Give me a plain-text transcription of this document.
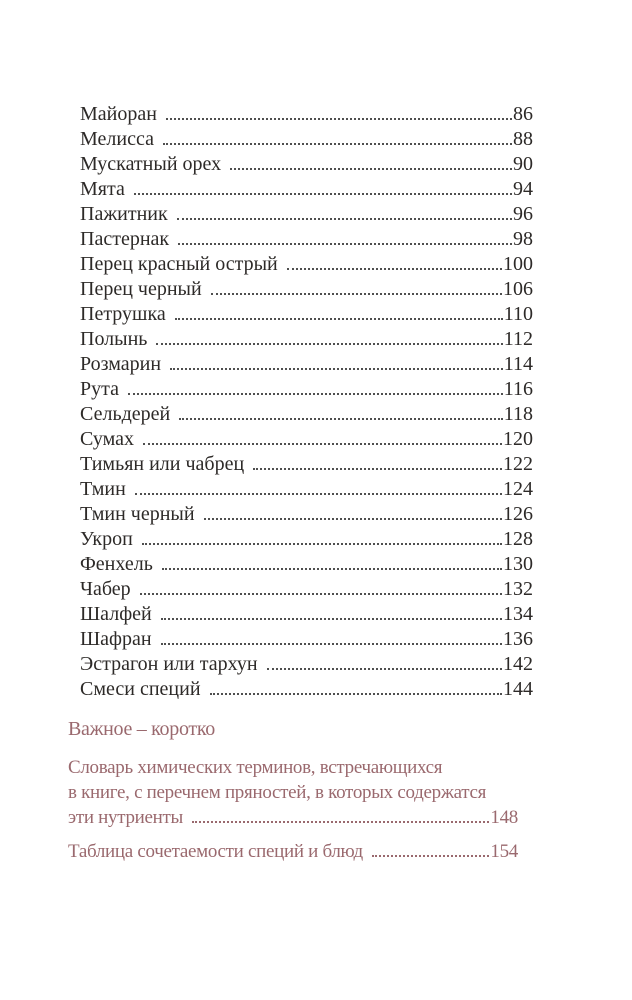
Майоран	86
Мелисса	88
Мускатный орех	90
Мята	94
Пажитник	96
Пастернак	98
Перец красный острый	100
Перец черный	106
Петрушка	110
Полынь	112
Розмарин	114
Рута	116
Сельдерей	118
Сумах	120
Тимьян или чабрец	122
Тмин	124
Тмин черный	126
Укроп	128
Фенхель	130
Чабер	132
Шалфей	134
Шафран	136
Эстрагон или тархун	142
Смеси специй	144
Важное – коротко
Словарь химических терминов, встречающихся
в книге, с перечнем пряностей, в которых содержатся
эти нутриенты	148
Таблица сочетаемости специй и блюд	154
